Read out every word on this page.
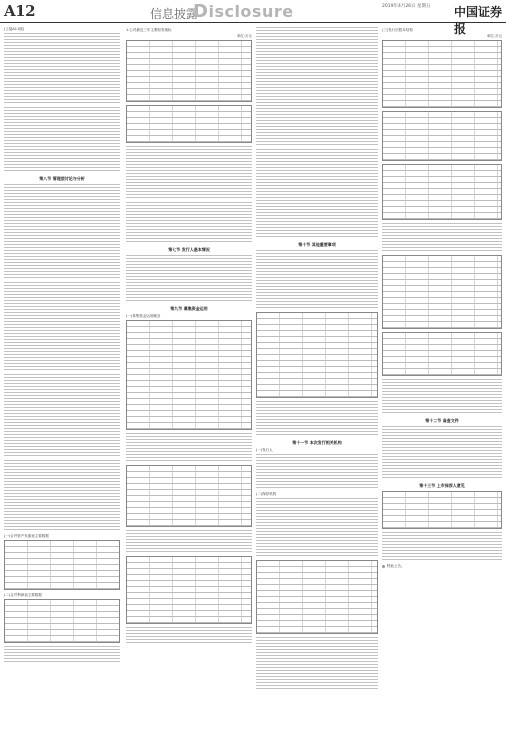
A12	信息披露
Disclosure	2019年4月26日 星期五 中国证券报
(上接A11版)
第八节 管理层讨论与分析
(一)合并资产负债表主要数据
(二)合并利润表主要数据
1.公司最近三年主要财务指标
单位:万元
第七节 发行人基本情况
第九节 募集资金运用
(一)募集资金运用概况
第十节 其他重要事项
第十一节 本次发行相关机构
(一)发行人
(二)保荐机构
(三)发行后股本结构
单位:万元
第十二节 备查文件
第十三节 上市保荐人意见
特此公告。
